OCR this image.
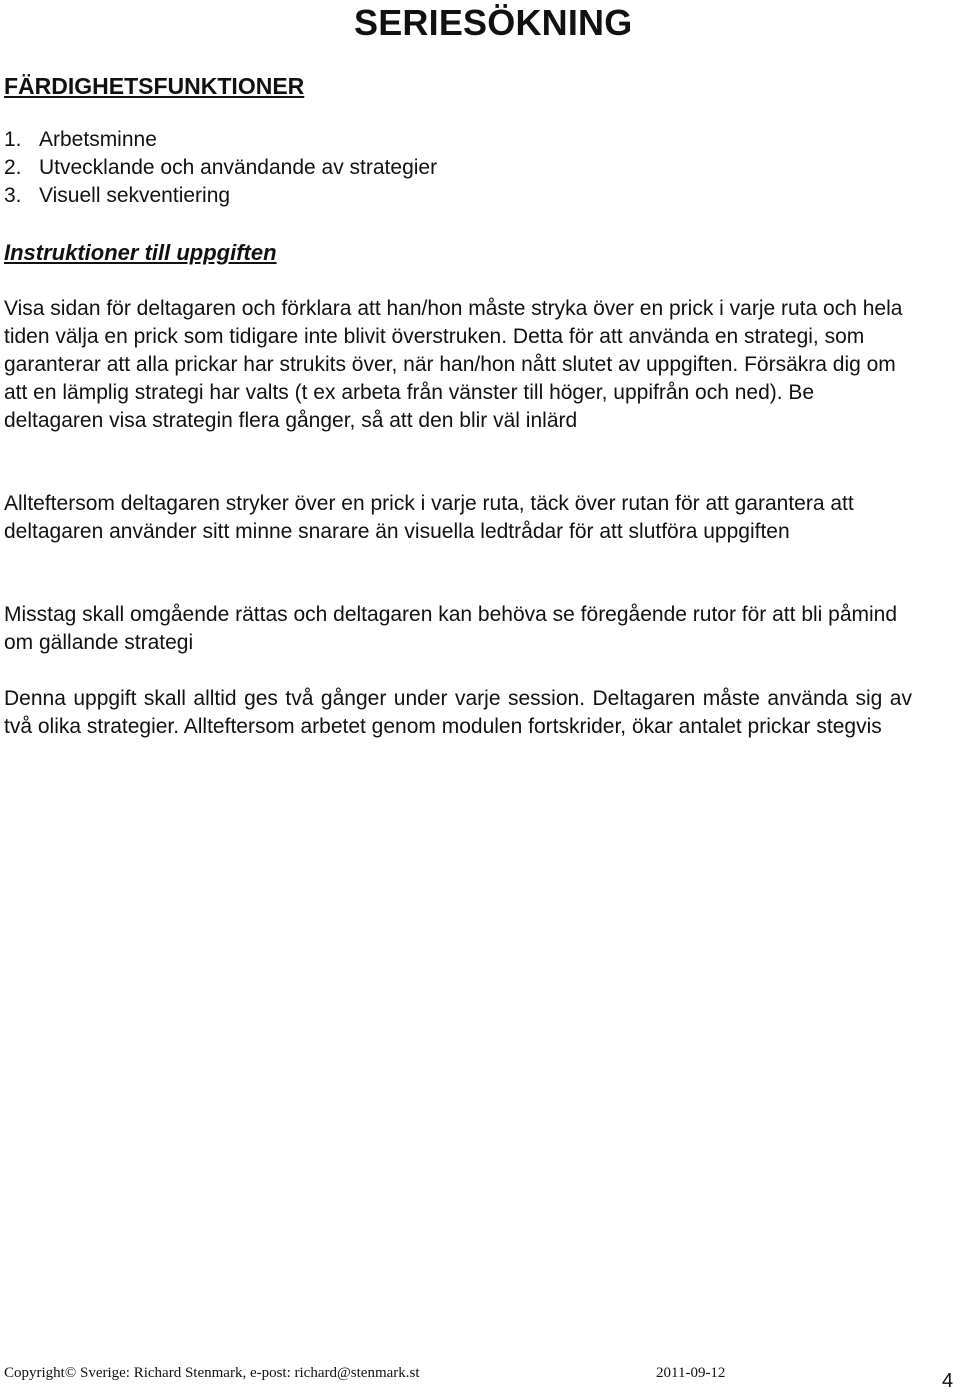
SERIESÖKNING
FÄRDIGHETSFUNKTIONER
1. Arbetsminne
2. Utvecklande och användande av strategier
3. Visuell sekventiering
Instruktioner till uppgiften

Visa sidan för deltagaren och förklara att han/hon måste stryka över en prick i varje ruta och hela tiden välja en prick som tidigare inte blivit överstruken. Detta för att använda en strategi, som garanterar att alla prickar har strukits över, när han/hon nått slutet av uppgiften. Försäkra dig om att en lämplig strategi har valts (t ex arbeta från vänster till höger, uppifrån och ned). Be deltagaren visa strategin flera gånger, så att den blir väl inlärd

Allteftersom deltagaren stryker över en prick i varje ruta, täck över rutan för att garantera att deltagaren använder sitt minne snarare än visuella ledtrådar för att slutföra uppgiften

Misstag skall omgående rättas och deltagaren kan behöva se föregående rutor för att bli påmind om gällande strategi

Denna uppgift skall alltid ges två gånger under varje session. Deltagaren måste använda sig av två olika strategier. Allteftersom arbetet genom modulen fortskrider, ökar antalet prickar stegvis

Copyright© Sverige: Richard Stenmark, e-post: richard@stenmark.st	2011-09-12	4
